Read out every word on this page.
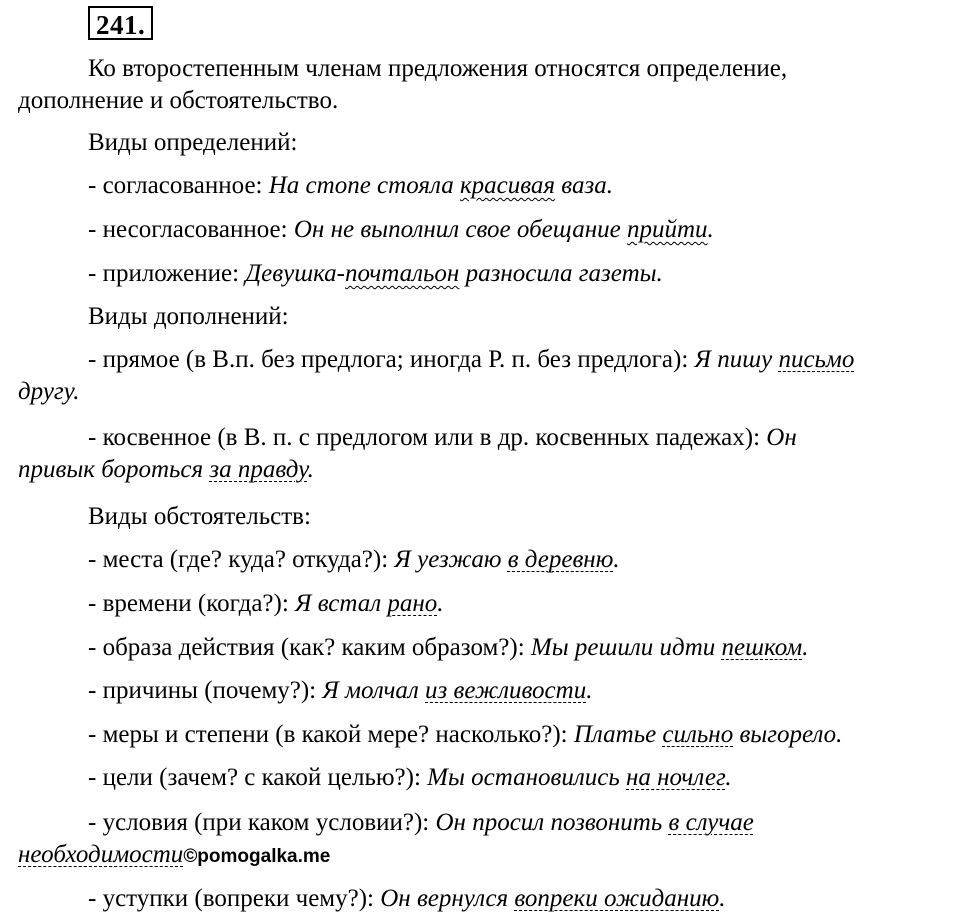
241.
Ко второстепенным членам предложения относятся определение,
дополнение и обстоятельство.
Виды определений:
- согласованное: На стопе стояла красивая ваза.
- несогласованное: Он не выполнил свое обещание прийти.
- приложение: Девушка-почтальон разносила газеты.
Виды дополнений:
- прямое (в В.п. без предлога; иногда Р. п. без предлога): Я пишу письмо
другу.
- косвенное (в В. п. с предлогом или в др. косвенных падежах): Он
привык бороться за правду.
Виды обстоятельств:
- места (где? куда? откуда?): Я уезжаю в деревню.
- времени (когда?): Я встал рано.
- образа действия (как? каким образом?): Мы решили идти пешком.
- причины (почему?): Я молчал из вежливости.
- меры и степени (в какой мере? насколько?): Платье сильно выгорело.
- цели (зачем? с какой целью?): Мы остановились на ночлег.
- условия (при каком условии?): Он просил позвонить в случае
необходимости©pomogalka.me
- уступки (вопреки чему?): Он вернулся вопреки ожиданию.
